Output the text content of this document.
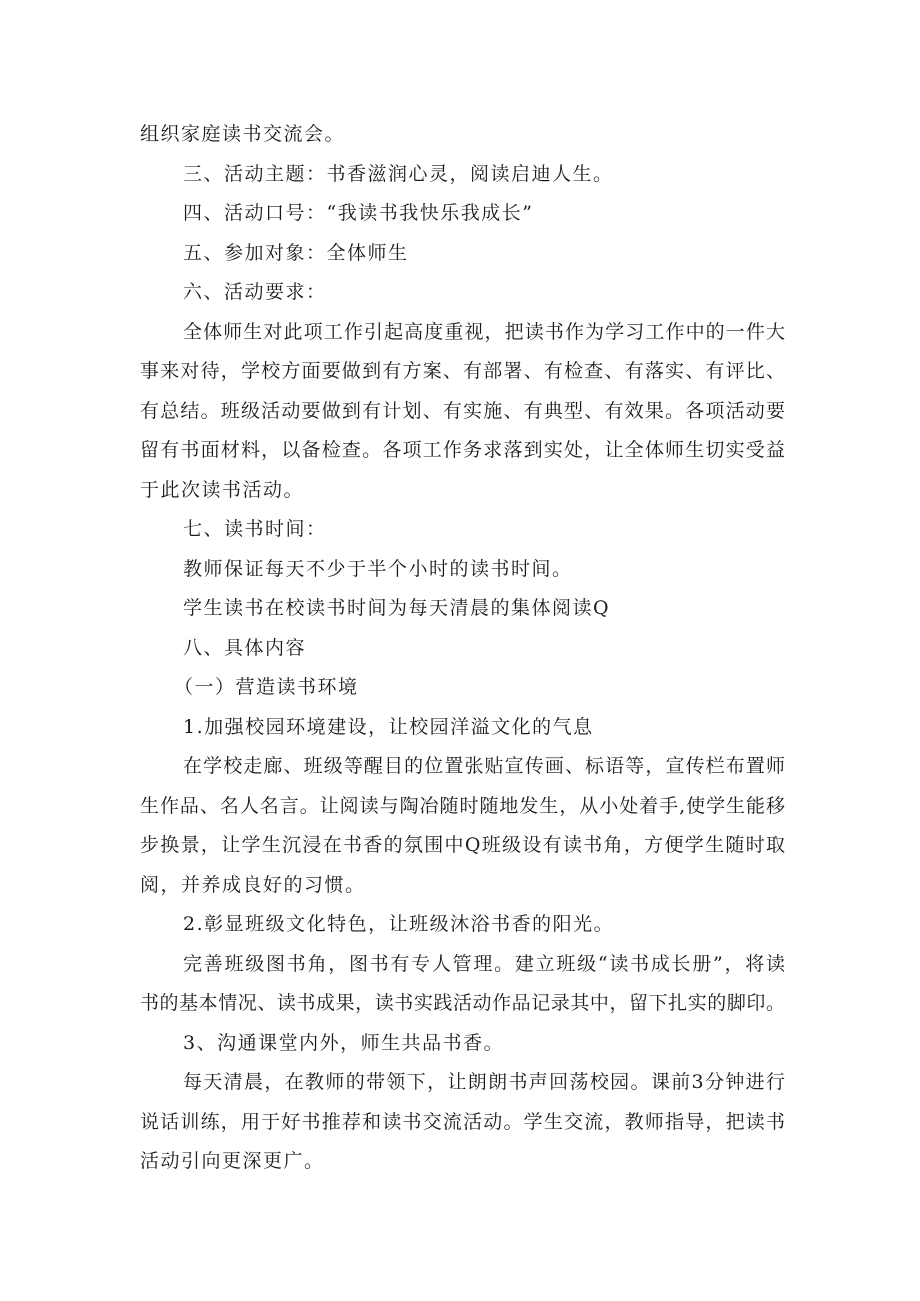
组织家庭读书交流会。
三、活动主题：书香滋润心灵，阅读启迪人生。
四、活动口号：“我读书我快乐我成长”
五、参加对象：全体师生
六、活动要求：
全体师生对此项工作引起高度重视，把读书作为学习工作中的一件大
事来对待，学校方面要做到有方案、有部署、有检查、有落实、有评比、
有总结。班级活动要做到有计划、有实施、有典型、有效果。各项活动要
留有书面材料，以备检查。各项工作务求落到实处，让全体师生切实受益
于此次读书活动。
七、读书时间：
教师保证每天不少于半个小时的读书时间。
学生读书在校读书时间为每天清晨的集体阅读Q
八、具体内容
（一）营造读书环境
1.加强校园环境建设，让校园洋溢文化的气息
在学校走廊、班级等醒目的位置张贴宣传画、标语等，宣传栏布置师
生作品、名人名言。让阅读与陶冶随时随地发生，从小处着手,使学生能移
步换景，让学生沉浸在书香的氛围中Q班级设有读书角，方便学生随时取
阅，并养成良好的习惯。
2.彰显班级文化特色，让班级沐浴书香的阳光。
完善班级图书角，图书有专人管理。建立班级“读书成长册”，将读
书的基本情况、读书成果，读书实践活动作品记录其中，留下扎实的脚印。
3、沟通课堂内外，师生共品书香。
每天清晨，在教师的带领下，让朗朗书声回荡校园。课前3分钟进行
说话训练，用于好书推荐和读书交流活动。学生交流，教师指导，把读书
活动引向更深更广。
